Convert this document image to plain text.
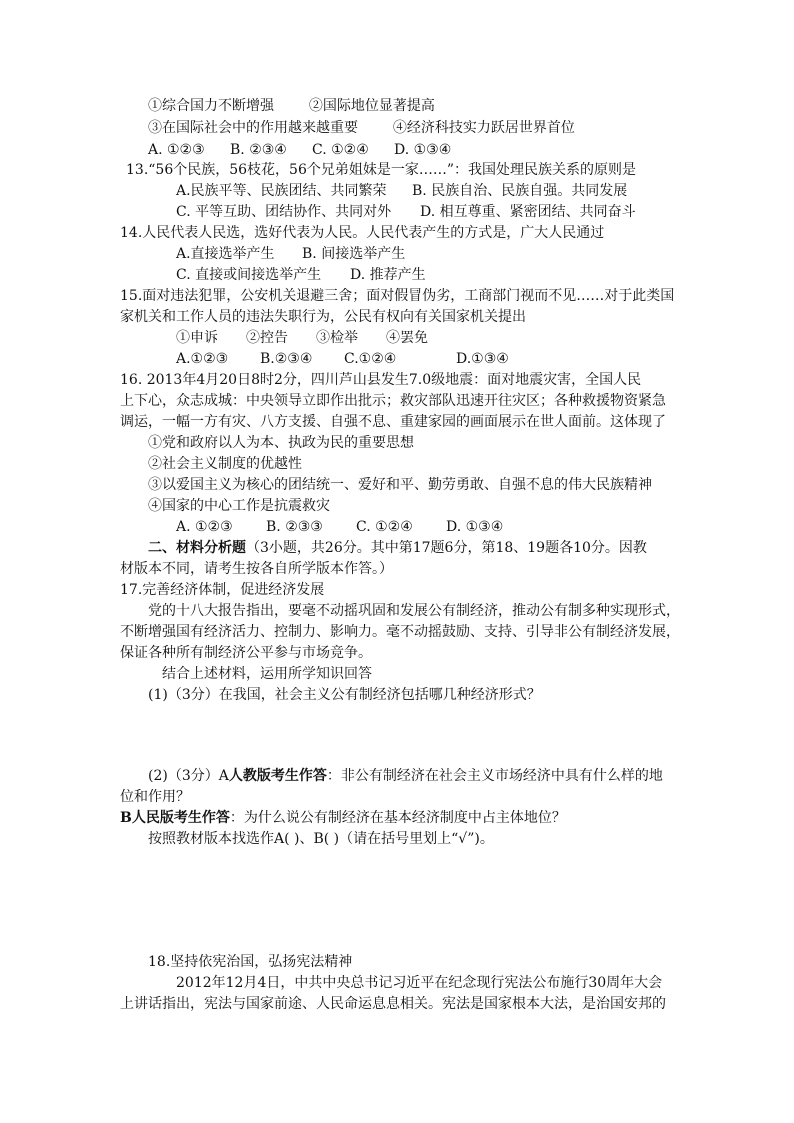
①综合国力不断增强 ②国际地位显著提高
③在国际社会中的作用越来越重要 ④经济科技实力跃居世界首位
A. ①②③ B. ②③④ C. ①②④ D. ①③④
13.“56个民族，56枝花，56个兄弟姐妹是一家……”：我国处理民族关系的原则是
A.民族平等、民族团结、共同繁荣 B. 民族自治、民族自强。共同发展
C. 平等互助、团结协作、共同对外 D. 相互尊重、紧密团结、共同奋斗
14.人民代表人民选，选好代表为人民。人民代表产生的方式是，广大人民通过
A.直接选举产生 B. 间接选举产生
C. 直接或间接选举产生 D. 推荐产生
15.面对违法犯罪，公安机关退避三舍；面对假冒伪劣，工商部门视而不见……对于此类国
家机关和工作人员的违法失职行为，公民有权向有关国家机关提出
①申诉 ②控告 ③检举 ④罢免
A.①②③ B.②③④ C.①②④	D.①③④
16. 2013年4月20日8时2分，四川芦山县发生7.0级地震：面对地震灾害，全国人民
上下心，众志成城：中央领导立即作出批示；救灾部队迅速开往灾区；各种救援物资紧急
调运，一幅一方有灾、八方支援、自强不息、重建家园的画面展示在世人面前。这体现了
①党和政府以人为本、执政为民的重要思想
②社会主义制度的优越性
③以爱国主义为核心的团结统一、爱好和平、勤劳勇敢、自强不息的伟大民族精神
④国家的中心工作是抗震救灾
A. ①②③ B. ②③③ C. ①②④ D. ①③④
二、材料分析题（3小题，共26分。其中第17题6分，第18、19题各10分。因教
材版本不同，请考生按各自所学版本作答。）
17.完善经济体制，促进经济发展
党的十八大报告指出，要毫不动摇巩固和发展公有制经济，推动公有制多种实现形式，
不断增强国有经济活力、控制力、影响力。毫不动摇鼓励、支持、引导非公有制经济发展，
保证各种所有制经济公平参与市场竞争。
结合上述材料，运用所学知识回答
(1)（3分）在我国，社会主义公有制经济包括哪几种经济形式？
(2)（3分）A人教版考生作答：非公有制经济在社会主义市场经济中具有什么样的地
位和作用？
B人民版考生作答：为什么说公有制经济在基本经济制度中占主体地位？
按照教材版本找选作A( )、B( )（请在括号里划上“√”)。
18.坚持依宪治国，弘扬宪法精神
2012年12月4日，中共中央总书记习近平在纪念现行宪法公布施行30周年大会
上讲话指出，宪法与国家前途、人民命运息息相关。宪法是国家根本大法，是治国安邦的
